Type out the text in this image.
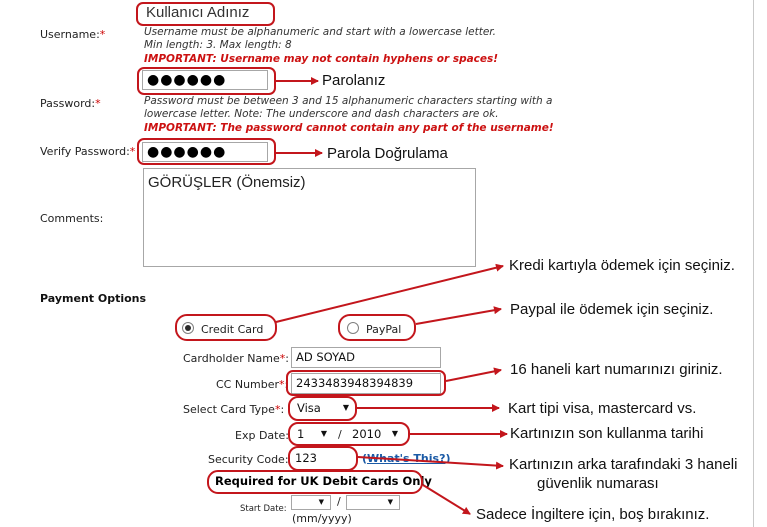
Username:*
Kullanıcı Adınız
Username must be alphanumeric and start with a lowercase letter.
Min length: 3. Max length: 8
IMPORTANT: Username may not contain hyphens or spaces!
Password:*
●●●●●●
Password must be between 3 and 15 alphanumeric characters starting with a
lowercase letter. Note: The underscore and dash characters are ok.
IMPORTANT: The password cannot contain any part of the username!
Verify Password:* ●●●●●●
Comments:
GÖRÜŞLER (Önemsiz)
Payment Options
Credit Card	PayPal
Cardholder Name*: AD SOYAD
CC Number*: 2433483948394839
Select Card Type*:	Visa	▼
Exp Date: 1 ▼ / 2010 ▼
Security Code: 123	(What's This?)
Required for UK Debit Cards Only
Start Date:
▼ /	▼
(mm/yyyy)
Parolanız
Parola Doğrulama
Kredi kartıyla ödemek için seçiniz.
Paypal ile ödemek için seçiniz.
16 haneli kart numarınızı giriniz.
Kart tipi visa, mastercard vs.
Kartınızın son kullanma tarihi
Kartınızın arka tarafındaki 3 haneli
güvenlik numarası
Sadece İngiltere için, boş bırakınız.
